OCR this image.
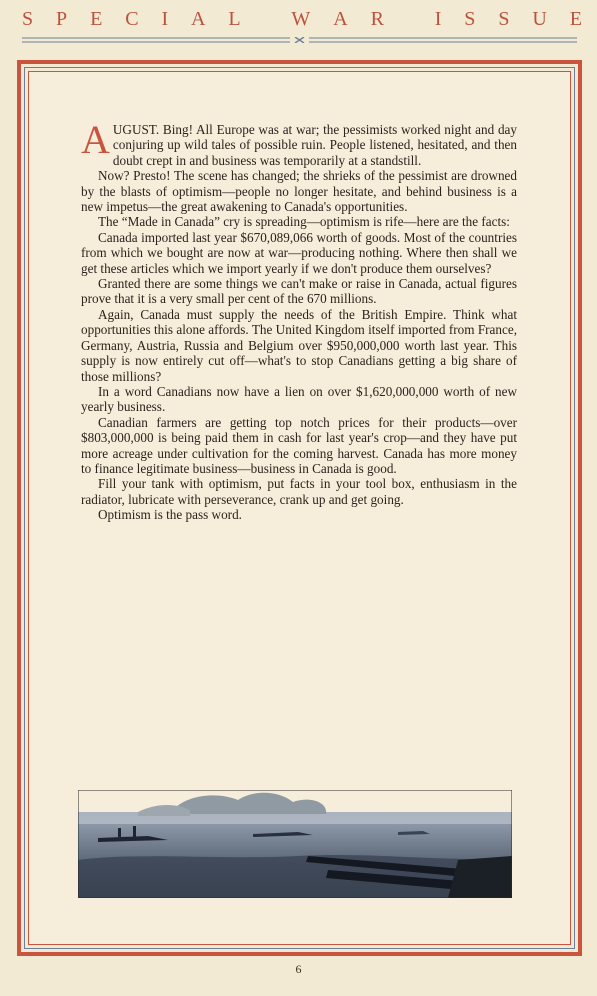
S P E C I A L
W A R
I S S U E

AUGUST. Bing! All Europe was at war; the pessimists worked night and day conjuring up wild tales of possible ruin. People listened, hesitated, and then doubt crept in and business was temporarily at a standstill.

Now? Presto! The scene has changed; the shrieks of the pessimist are drowned by the blasts of optimism—people no longer hesitate, and behind business is a new impetus—the great awakening to Canada's opportunities.

The “Made in Canada” cry is spreading—optimism is rife—here are the facts:

Canada imported last year $670,089,066 worth of goods. Most of the countries from which we bought are now at war—producing nothing. Where then shall we get these articles which we import yearly if we don't produce them ourselves?

Granted there are some things we can't make or raise in Canada, actual figures prove that it is a very small per cent of the 670 millions.

Again, Canada must supply the needs of the British Empire. Think what opportunities this alone affords. The United Kingdom itself imported from France, Germany, Austria, Russia and Belgium over $950,000,000 worth last year. This supply is now entirely cut off—what's to stop Canadians getting a big share of those millions?

In a word Canadians now have a lien on over $1,620,000,000 worth of new yearly business.

Canadian farmers are getting top notch prices for their products—over $803,000,000 is being paid them in cash for last year's crop—and they have put more acreage under cultivation for the coming harvest. Canada has more money to finance legitimate business—business in Canada is good.

Fill your tank with optimism, put facts in your tool box, enthusiasm in the radiator, lubricate with perseverance, crank up and get going.

Optimism is the pass word.

6
